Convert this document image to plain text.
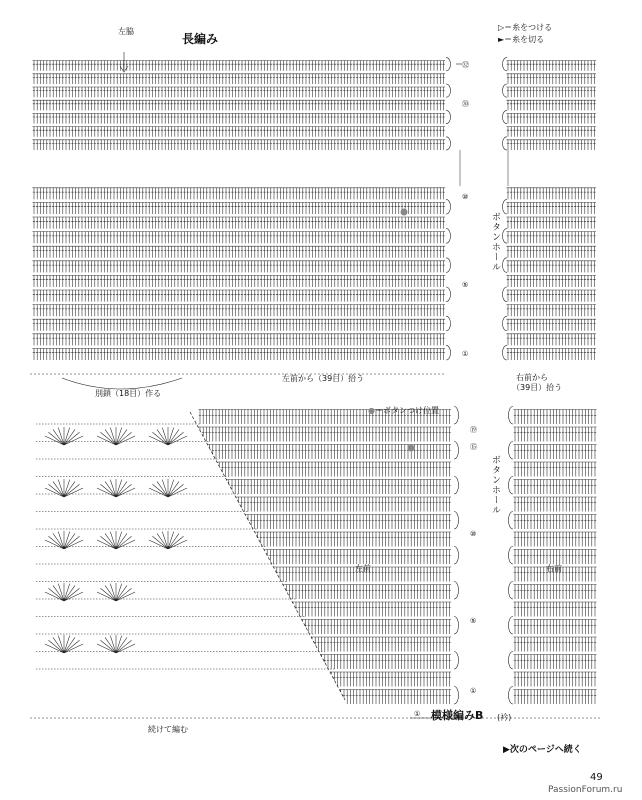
▷＝糸をつける
►＝糸を切る
長編み
左脇
㉜
㉚
⑩
⑤
①
別鎖（18目）作る
左前から（39目）拾う	右前から
（39目）拾う
ボタンホール
●＝ボタンつけ位置
⑲
⑮
⑩
⑤
①
左前	右前
ボタンホール
続けて編む
① 模様編みB (衿)
▶次のページへ続く
49
PassionForum.ru
